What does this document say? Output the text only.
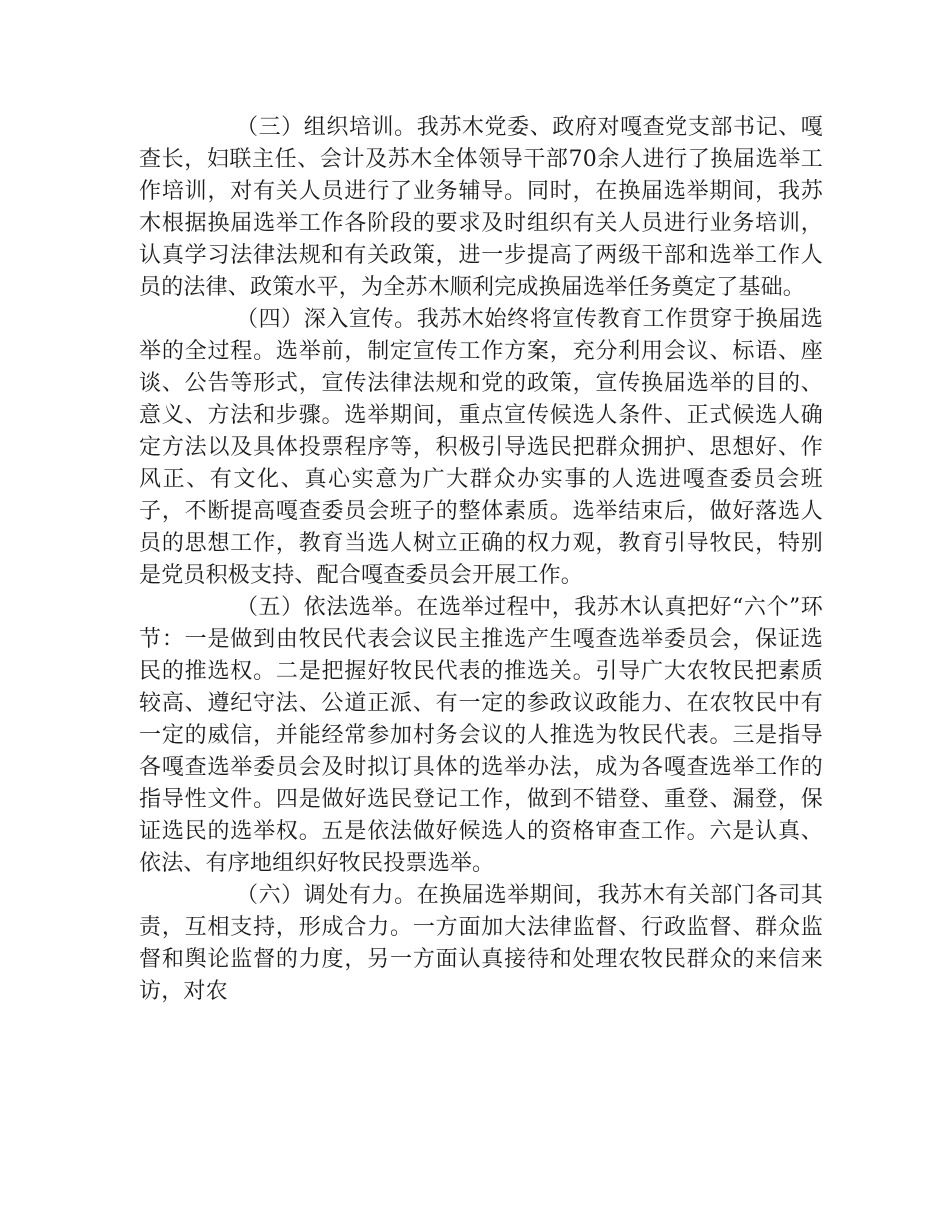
（三）组织培训。我苏木党委、政府对嘎查党支部书记、嘎查长，妇联主任、会计及苏木全体领导干部70余人进行了换届选举工作培训，对有关人员进行了业务辅导。同时，在换届选举期间，我苏木根据换届选举工作各阶段的要求及时组织有关人员进行业务培训，认真学习法律法规和有关政策，进一步提高了两级干部和选举工作人员的法律、政策水平，为全苏木顺利完成换届选举任务奠定了基础。

（四）深入宣传。我苏木始终将宣传教育工作贯穿于换届选举的全过程。选举前，制定宣传工作方案，充分利用会议、标语、座谈、公告等形式，宣传法律法规和党的政策，宣传换届选举的目的、意义、方法和步骤。选举期间，重点宣传候选人条件、正式候选人确定方法以及具体投票程序等，积极引导选民把群众拥护、思想好、作风正、有文化、真心实意为广大群众办实事的人选进嘎查委员会班子，不断提高嘎查委员会班子的整体素质。选举结束后，做好落选人员的思想工作，教育当选人树立正确的权力观，教育引导牧民，特别是党员积极支持、配合嘎查委员会开展工作。

（五）依法选举。在选举过程中，我苏木认真把好“六个”环节：一是做到由牧民代表会议民主推选产生嘎查选举委员会，保证选民的推选权。二是把握好牧民代表的推选关。引导广大农牧民把素质较高、遵纪守法、公道正派、有一定的参政议政能力、在农牧民中有一定的威信，并能经常参加村务会议的人推选为牧民代表。三是指导各嘎查选举委员会及时拟订具体的选举办法，成为各嘎查选举工作的指导性文件。四是做好选民登记工作，做到不错登、重登、漏登，保证选民的选举权。五是依法做好候选人的资格审查工作。六是认真、依法、有序地组织好牧民投票选举。

（六）调处有力。在换届选举期间，我苏木有关部门各司其责，互相支持，形成合力。一方面加大法律监督、行政监督、群众监督和舆论监督的力度，另一方面认真接待和处理农牧民群众的来信来访，对农
